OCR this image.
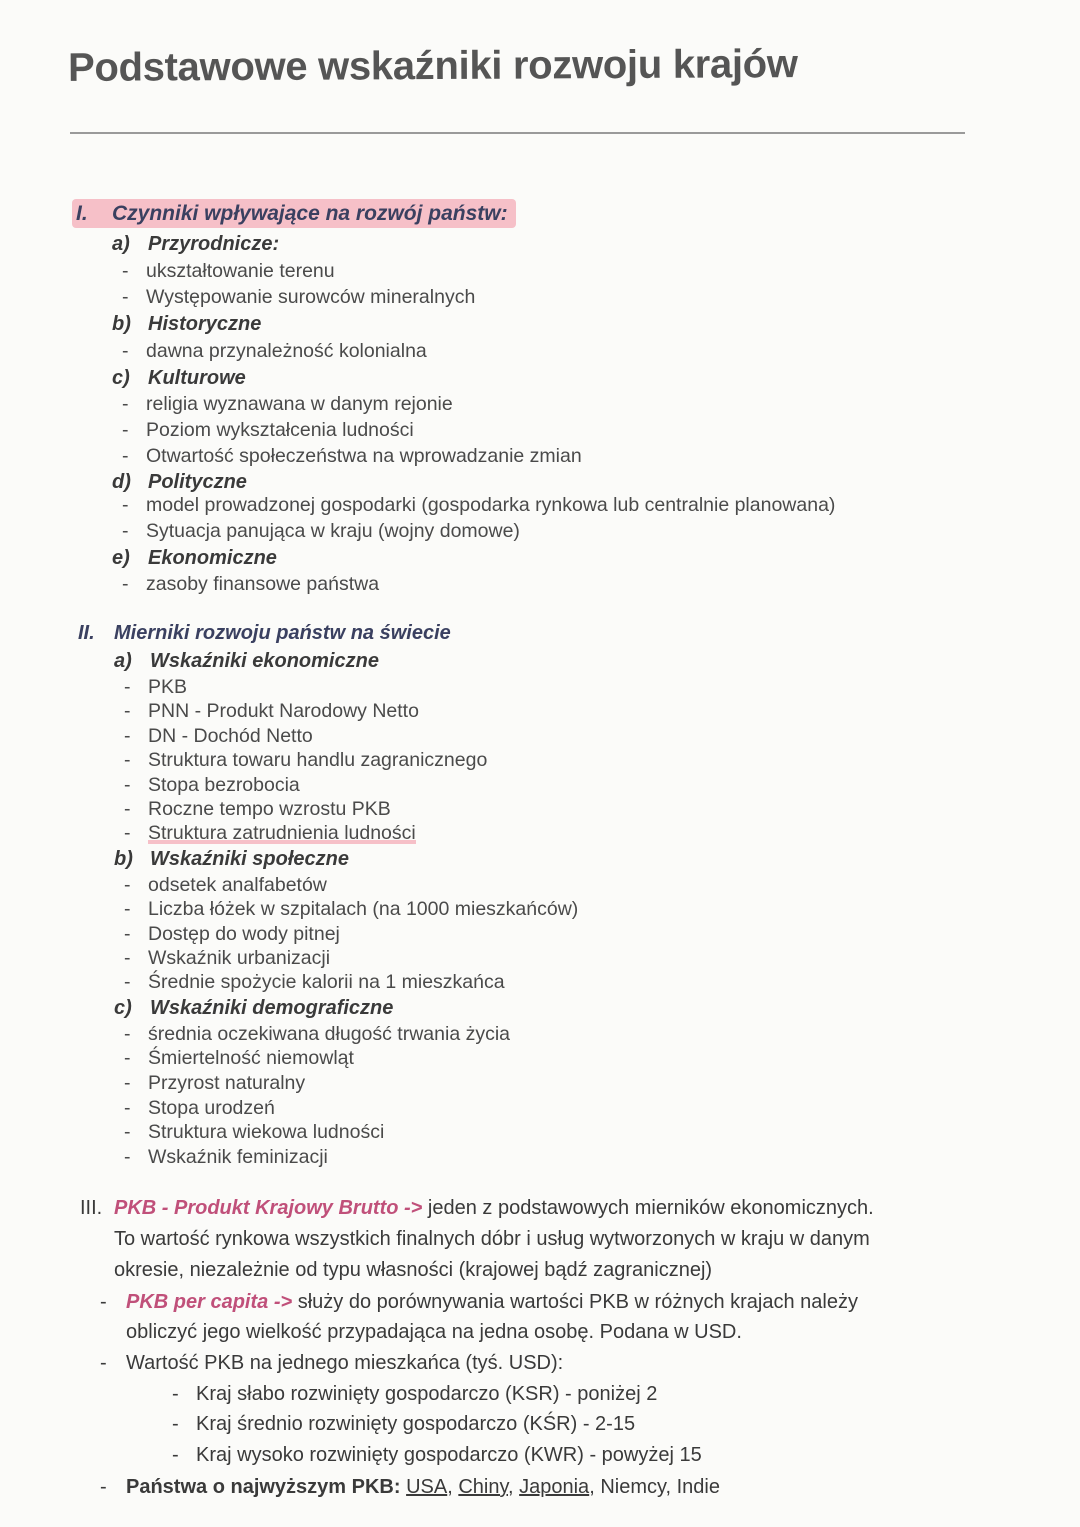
Podstawowe wskaźniki rozwoju krajów
I. Czynniki wpływające na rozwój państw:
a) Przyrodnicze:
- ukształtowanie terenu
- Występowanie surowców mineralnych
b) Historyczne
- dawna przynależność kolonialna
c) Kulturowe
- religia wyznawana w danym rejonie
- Poziom wykształcenia ludności
- Otwartość społeczeństwa na wprowadzanie zmian
d) Polityczne
- model prowadzonej gospodarki (gospodarka rynkowa lub centralnie planowana)
- Sytuacja panująca w kraju (wojny domowe)
e) Ekonomiczne
- zasoby finansowe państwa
II. Mierniki rozwoju państw na świecie
a) Wskaźniki ekonomiczne
- PKB
- PNN - Produkt Narodowy Netto
- DN - Dochód Netto
- Struktura towaru handlu zagranicznego
- Stopa bezrobocia
- Roczne tempo wzrostu PKB
- Struktura zatrudnienia ludności
b) Wskaźniki społeczne
- odsetek analfabetów
- Liczba łóżek w szpitalach (na 1000 mieszkańców)
- Dostęp do wody pitnej
- Wskaźnik urbanizacji
- Średnie spożycie kalorii na 1 mieszkańca
c) Wskaźniki demograficzne
- średnia oczekiwana długość trwania życia
- Śmiertelność niemowląt
- Przyrost naturalny
- Stopa urodzeń
- Struktura wiekowa ludności
- Wskaźnik feminizacji
III. PKB - Produkt Krajowy Brutto -> jeden z podstawowych mierników ekonomicznych.
To wartość rynkowa wszystkich finalnych dóbr i usług wytworzonych w kraju w danym
okresie, niezależnie od typu własności (krajowej bądź zagranicznej)
- PKB per capita -> służy do porównywania wartości PKB w różnych krajach należy
obliczyć jego wielkość przypadająca na jedna osobę. Podana w USD.
- Wartość PKB na jednego mieszkańca (tyś. USD):
- Kraj słabo rozwinięty gospodarczo (KSR) - poniżej 2
- Kraj średnio rozwinięty gospodarczo (KŚR) - 2-15
- Kraj wysoko rozwinięty gospodarczo (KWR) - powyżej 15
- Państwa o najwyższym PKB: USA, Chiny, Japonia, Niemcy, Indie
